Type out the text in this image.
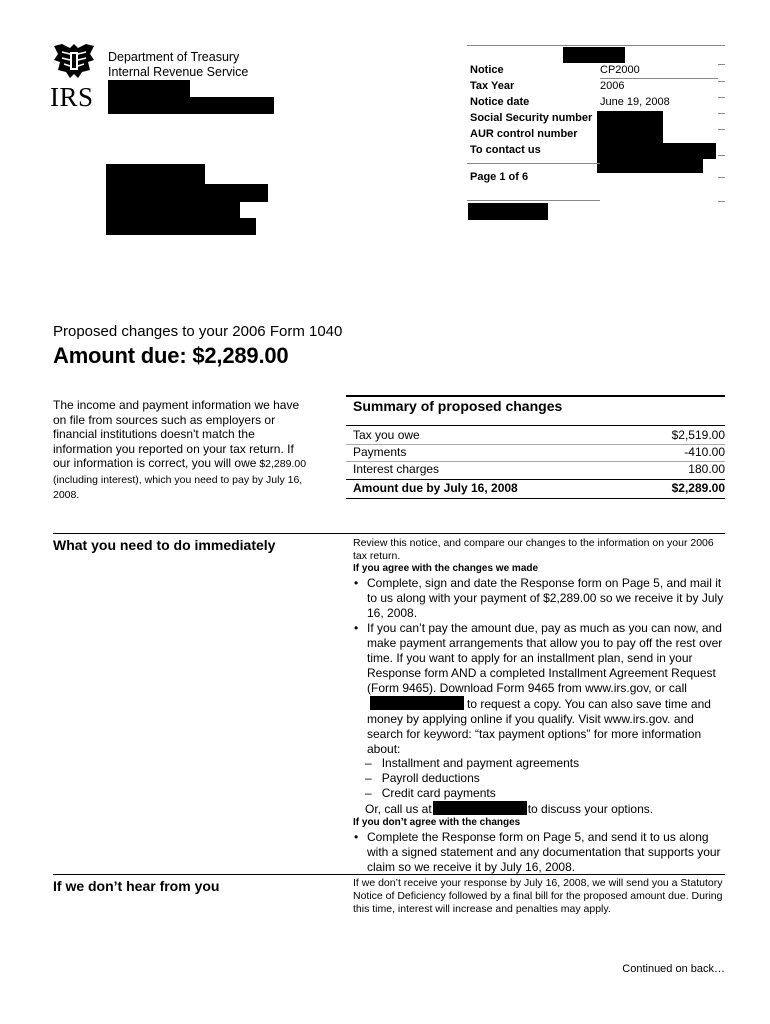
IRS
Department of Treasury
Internal Revenue Service	Notice	CP2000
Tax Year	2006
Notice date	June 19, 2008
Social Security number
AUR control number
To contact us
Page 1 of 6
Proposed changes to your 2006 Form 1040
Amount due: $2,289.00
The income and payment information we have on file from sources such as employers or financial institutions doesn't match the information you reported on your tax return. If our information is correct, you will owe $2,289.00 (including interest), which you need to pay by July 16, 2008.
Summary of proposed changes
Tax you owe	$2,519.00
Payments	-410.00
Interest charges	180.00
Amount due by July 16, 2008	$2,289.00
What you need to do immediately	Review this notice, and compare our changes to the information on your 2006 tax return.
If you agree with the changes we made
• Complete, sign and date the Response form on Page 5, and mail it to us along with your payment of $2,289.00 so we receive it by July 16, 2008.
• If you can’t pay the amount due, pay as much as you can now, and make payment arrangements that allow you to pay off the rest over time. If you want to apply for an installment plan, send in your Response form AND a completed Installment Agreement Request (Form 9465). Download Form 9465 from www.irs.gov, or callto request a copy. You can also save time and money by applying online if you qualify. Visit www.irs.gov. and search for keyword: “tax payment options” for more information about:
–   Installment and payment agreements
–   Payroll deductions
–   Credit card payments
Or, call us at	to discuss your options.
If you don’t agree with the changes
• Complete the Response form on Page 5, and send it to us along with a signed statement and any documentation that supports your claim so we receive it by July 16, 2008.
If we don’t hear from you	If we don’t receive your response by July 16, 2008, we will send you a Statutory Notice of Deficiency followed by a final bill for the proposed amount due. During this time, interest will increase and penalties may apply.
Continued on back…
